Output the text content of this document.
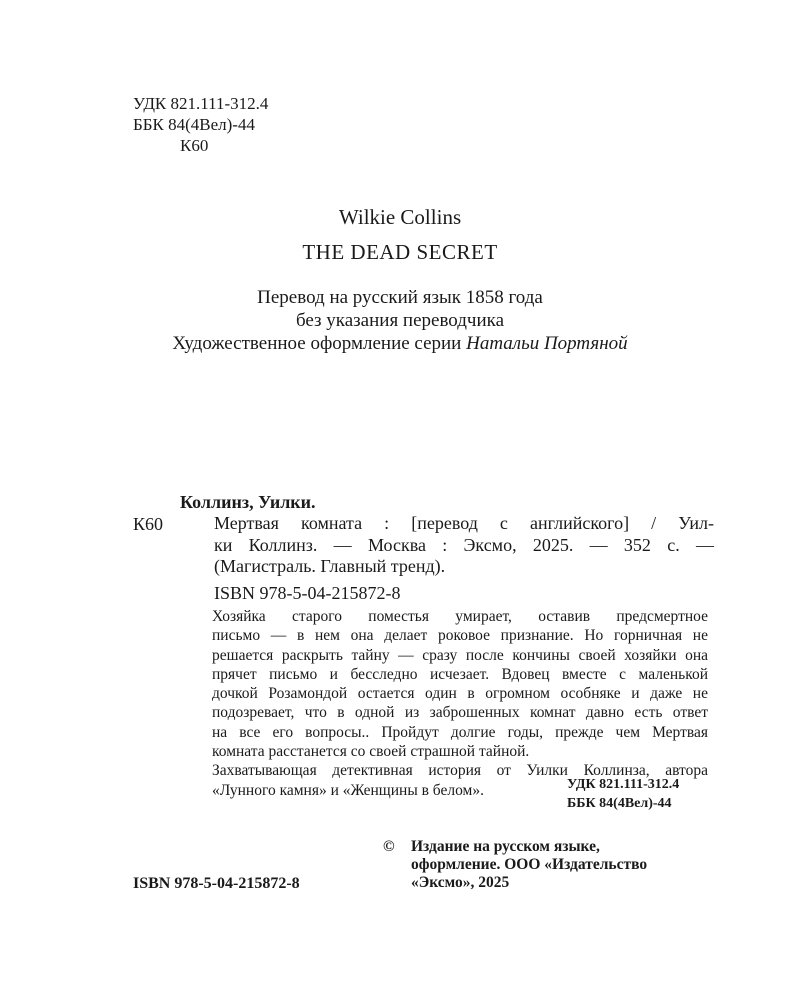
УДК 821.111-312.4
ББК 84(4Вел)-44
К60
Wilkie Collins
THE DEAD SECRET
Перевод на русский язык 1858 года
без указания переводчика
Художественное оформление серии Натальи Портяной
Коллинз, Уилки.
К60	Мертвая комната : [перевод с английского] / Уил-
ки Коллинз. — Москва : Эксмо, 2025. — 352 с. —
(Магистраль. Главный тренд).
ISBN 978-5-04-215872-8

Хозяйка старого поместья умирает, оставив предсмертное
письмо — в нем она делает роковое признание. Но горничная не
решается раскрыть тайну — сразу после кончины своей хозяйки она
прячет письмо и бесследно исчезает. Вдовец вместе с маленькой
дочкой Розамондой остается один в огромном особняке и даже не
подозревает, что в одной из заброшенных комнат давно есть ответ
на все его вопросы.. Пройдут долгие годы, прежде чем Мертвая
комната расстанется со своей страшной тайной.

Захватывающая детективная история от Уилки Коллинза, автора
«Лунного камня» и «Женщины в белом».	УДК 821.111-312.4
ББК 84(4Вел)-44
© Издание на русском языке,
оформление. ООО «Издательство
«Эксмо», 2025
ISBN 978-5-04-215872-8
